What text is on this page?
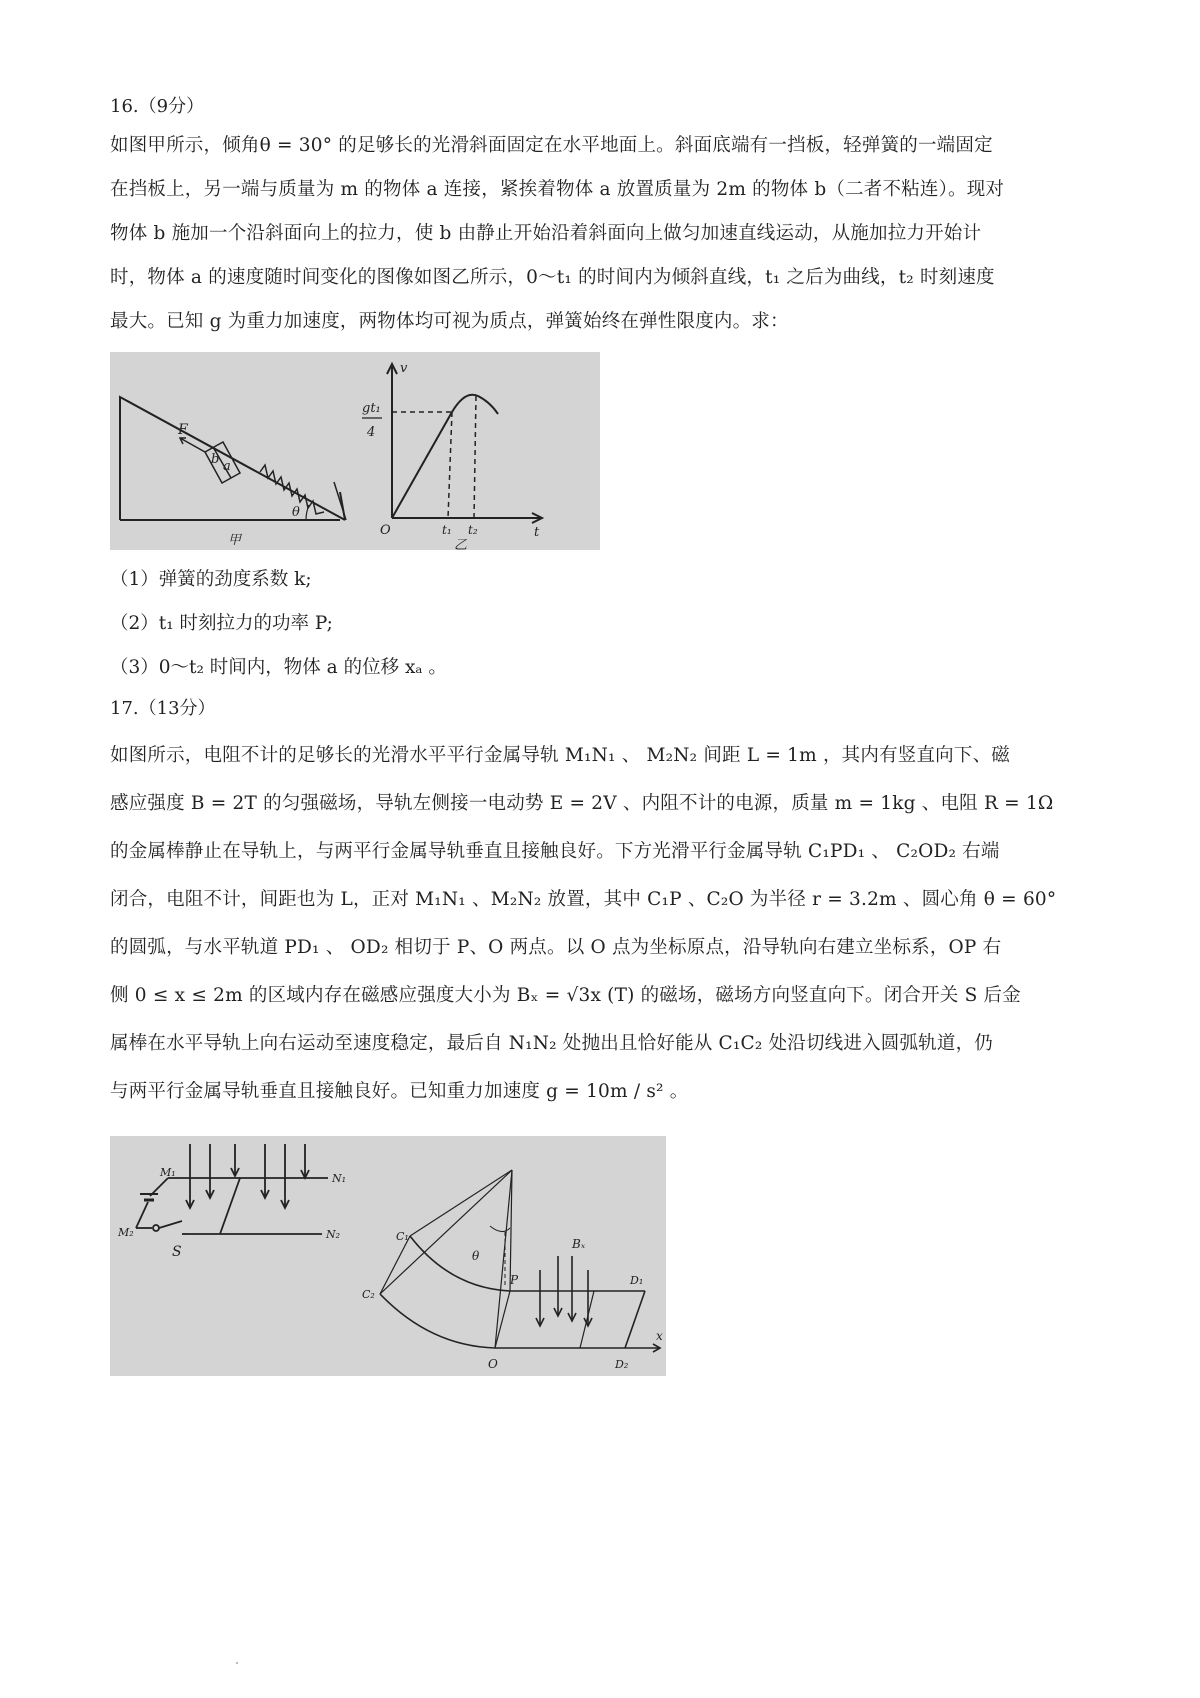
16.（9分）

如图甲所示，倾角θ = 30° 的足够长的光滑斜面固定在水平地面上。斜面底端有一挡板，轻弹簧的一端固定
在挡板上，另一端与质量为 m 的物体 a 连接，紧挨着物体 a 放置质量为 2m 的物体 b（二者不粘连）。现对
物体 b 施加一个沿斜面向上的拉力，使 b 由静止开始沿着斜面向上做匀加速直线运动，从施加拉力开始计
时，物体 a 的速度随时间变化的图像如图乙所示，0～t₁ 的时间内为倾斜直线，t₁ 之后为曲线，t₂ 时刻速度
最大。已知 g 为重力加速度，两物体均可视为质点，弹簧始终在弹性限度内。求：
F
b a
θ
甲
v
gt₁
4
O	t₁ t₂	t
乙

（1）弹簧的劲度系数 k;

（2）t₁ 时刻拉力的功率 P;

（3）0～t₂ 时间内，物体 a 的位移 xₐ 。

17.（13分）

如图所示，电阻不计的足够长的光滑水平平行金属导轨 M₁N₁ 、 M₂N₂ 间距 L = 1m ，其内有竖直向下、磁
感应强度 B = 2T 的匀强磁场，导轨左侧接一电动势 E = 2V 、内阻不计的电源，质量 m = 1kg 、电阻 R = 1Ω
的金属棒静止在导轨上，与两平行金属导轨垂直且接触良好。下方光滑平行金属导轨 C₁PD₁ 、 C₂OD₂ 右端
闭合，电阻不计，间距也为 L，正对 M₁N₁ 、M₂N₂ 放置，其中 C₁P 、C₂O 为半径 r = 3.2m 、圆心角 θ = 60°
的圆弧，与水平轨道 PD₁ 、 OD₂ 相切于 P、O 两点。以 O 点为坐标原点，沿导轨向右建立坐标系，OP 右
侧 0 ≤ x ≤ 2m 的区域内存在磁感应强度大小为 Bₓ = √3x (T) 的磁场，磁场方向竖直向下。闭合开关 S 后金
属棒在水平导轨上向右运动至速度稳定，最后自 N₁N₂ 处抛出且恰好能从 C₁C₂ 处沿切线进入圆弧轨道，仍
与两平行金属导轨垂直且接触良好。已知重力加速度 g = 10m / s² 。
M₁	N₁
M₂	N₂
S
C₁
C₂
θ
Bₓ
P	D₁
O	D₂
x
